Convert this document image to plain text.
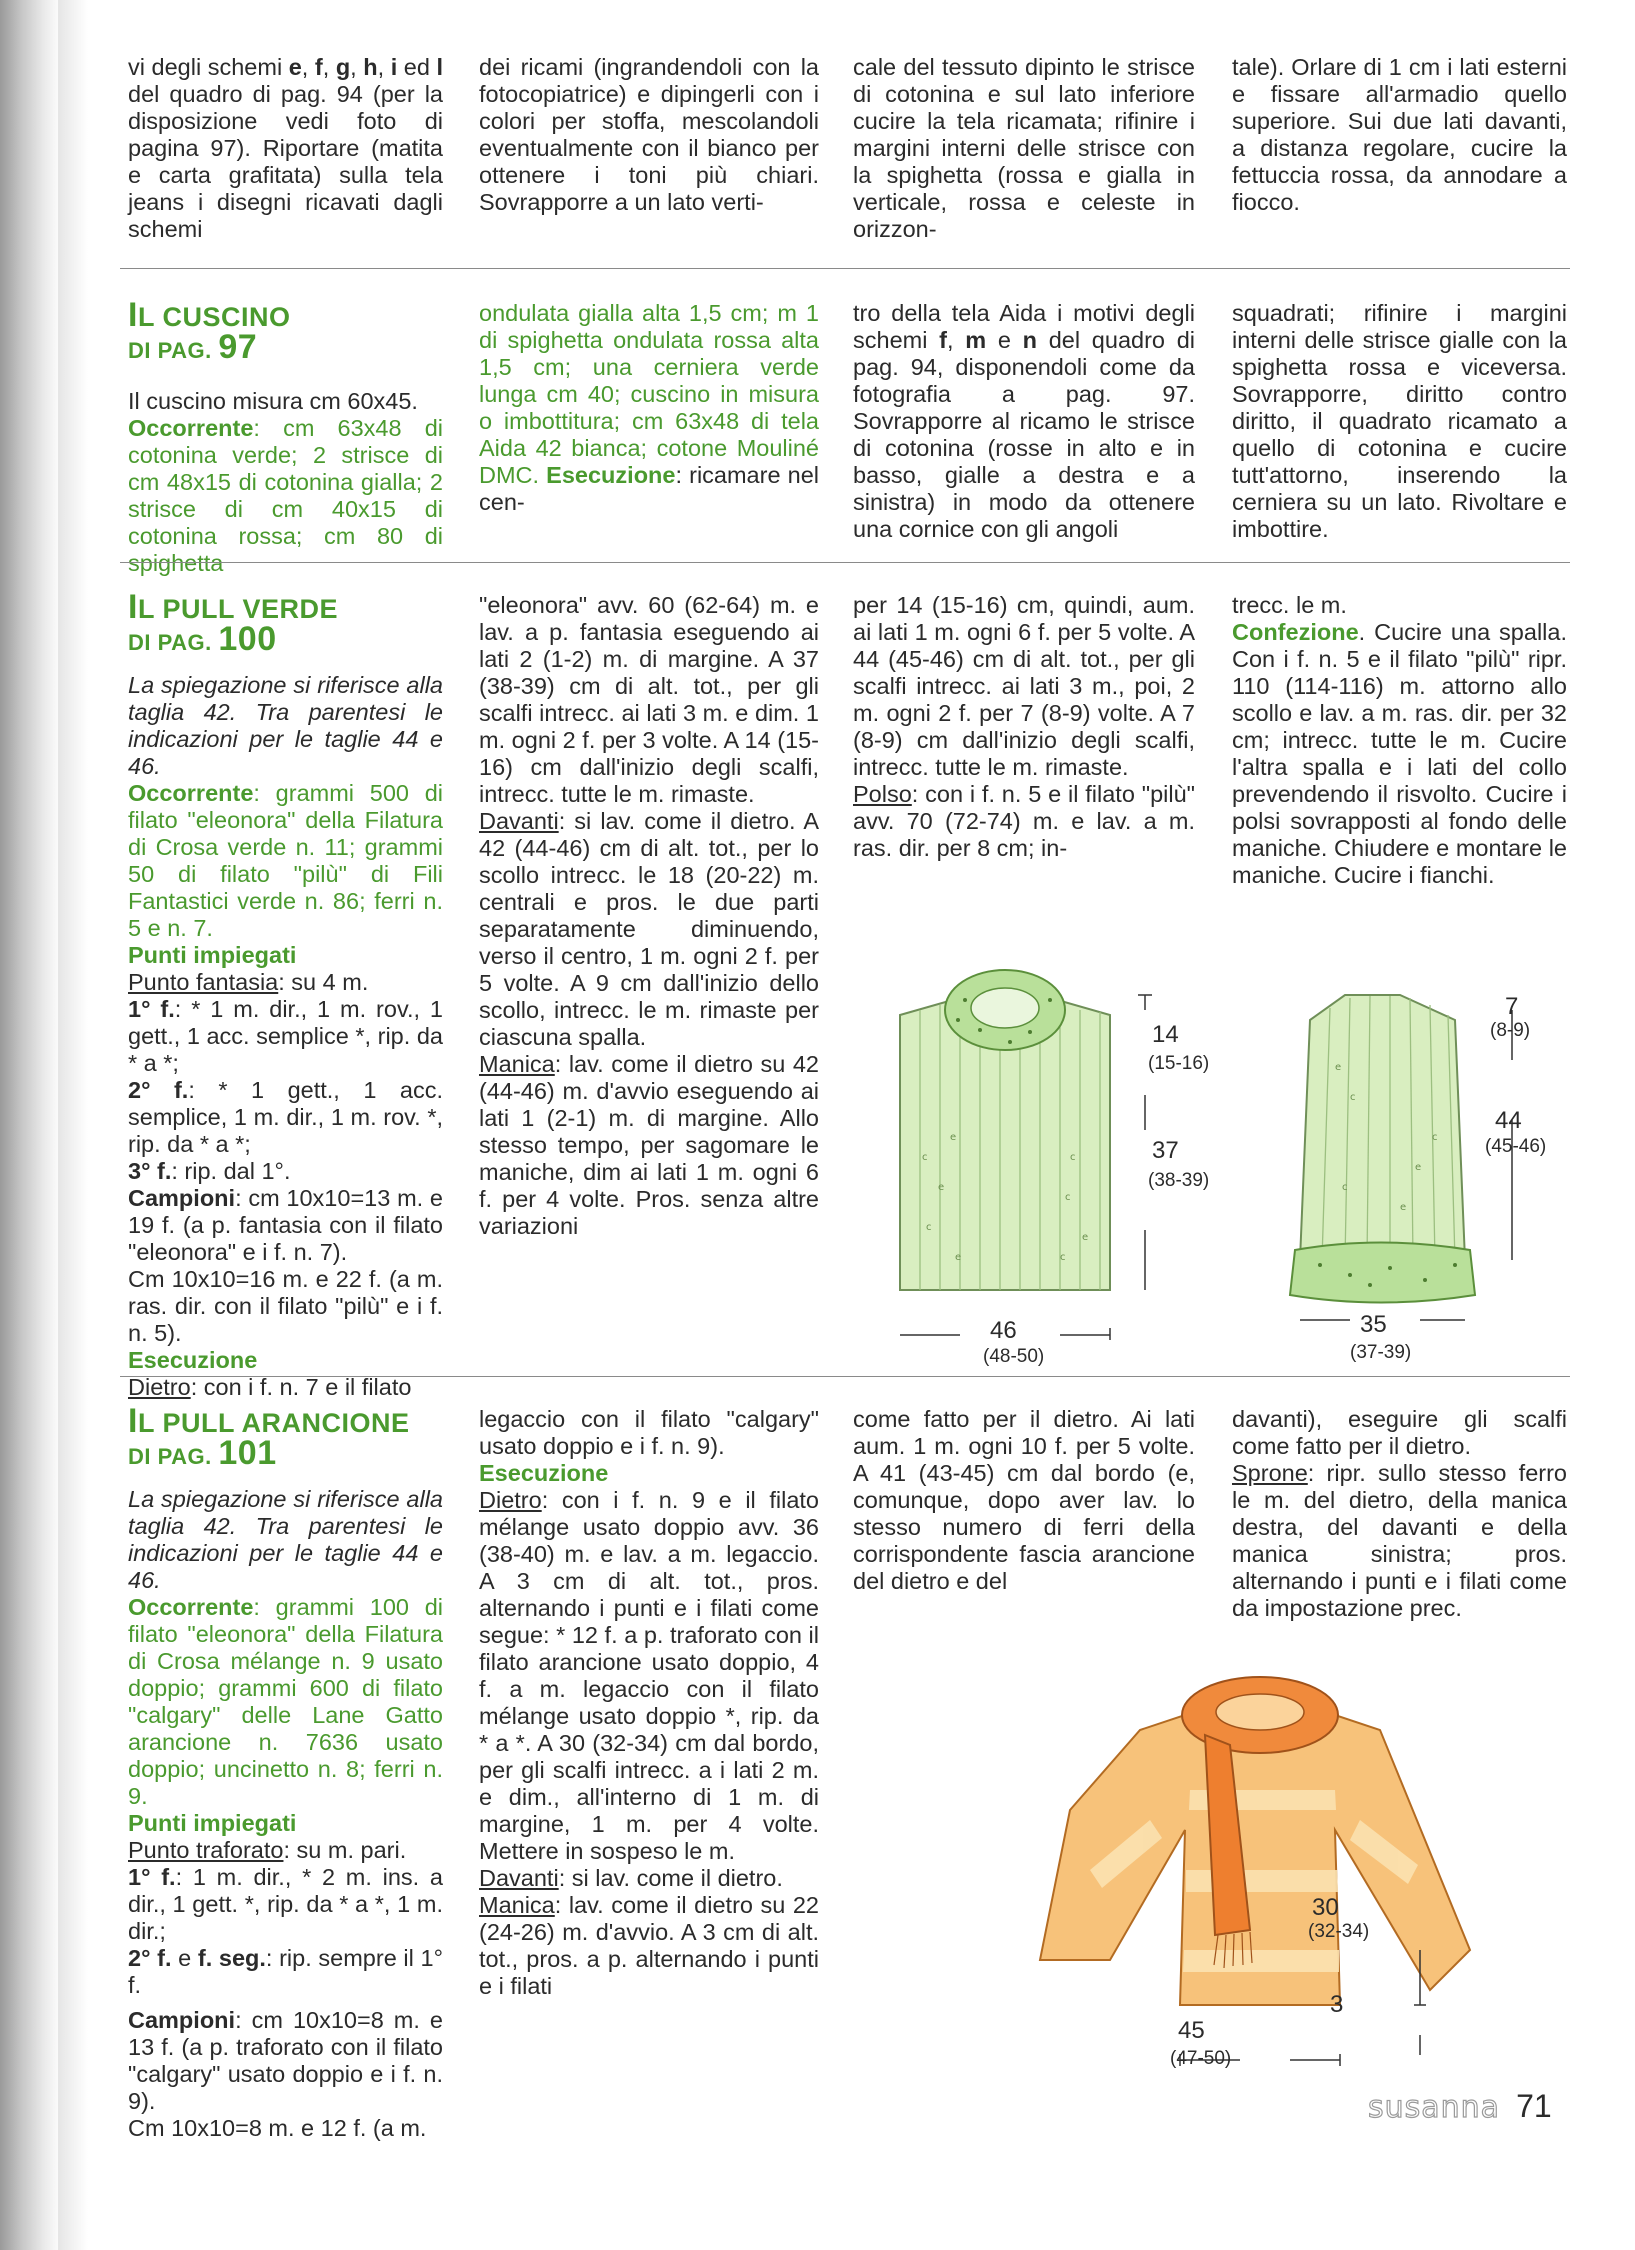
vi degli schemi e, f, g, h, i ed l del quadro di pag. 94 (per la disposizione vedi foto di pagina 97). Riportare (matita e carta grafitata) sulla tela jeans i disegni ricavati dagli schemi

dei ricami (ingrandendoli con la fotocopiatrice) e dipingerli con i colori per stoffa, mescolandoli eventualmente con il bianco per ottenere i toni più chiari. Sovrapporre a un lato verti-

cale del tessuto dipinto le strisce di cotonina e sul lato inferiore cucire la tela ricamata; rifinire i margini interni delle strisce con la spighetta (rossa e gialla in verticale, rossa e celeste in orizzon-

tale). Orlare di 1 cm i lati esterni e fissare all'armadio quello superiore. Sui due lati davanti, a distanza regolare, cucire la fettuccia rossa, da annodare a fiocco.

IL CUSCINO
DI PAG. 97

Il cuscino misura cm 60x45.

Occorrente: cm 63x48 di cotonina verde; 2 strisce di cm 48x15 di cotonina gialla; 2 strisce di cm 40x15 di cotonina rossa; cm 80 di spighetta

ondulata gialla alta 1,5 cm; m 1 di spighetta ondulata rossa alta 1,5 cm; una cerniera verde lunga cm 40; cuscino in misura o imbottitura; cm 63x48 di tela Aida 42 bianca; cotone Mouliné DMC. Esecuzione: ricamare nel cen-

tro della tela Aida i motivi degli schemi f, m e n del quadro di pag. 94, disponendoli come da fotografia a pag. 97. Sovrapporre al ricamo le strisce di cotonina (rosse in alto e in basso, gialle a destra e a sinistra) in modo da ottenere una cornice con gli angoli

squadrati; rifinire i margini interni delle strisce gialle con la spighetta rossa e viceversa. Sovrapporre, diritto contro diritto, il quadrato ricamato a quello di cotonina e cucire tutt'attorno, inserendo la cerniera su un lato. Rivoltare e imbottire.

IL PULL VERDE
DI PAG. 100

La spiegazione si riferisce alla taglia 42. Tra parentesi le indicazioni per le taglie 44 e 46.

Occorrente: grammi 500 di filato "eleonora" della Filatura di Crosa verde n. 11; grammi 50 di filato "pilù" di Fili Fantastici verde n. 86; ferri n. 5 e n. 7.

Punti impiegati

Punto fantasia: su 4 m.

1° f.: * 1 m. dir., 1 m. rov., 1 gett., 1 acc. semplice *, rip. da * a *;

2° f.: * 1 gett., 1 acc. semplice, 1 m. dir., 1 m. rov. *, rip. da * a *;

3° f.: rip. dal 1°.

Campioni: cm 10x10=13 m. e 19 f. (a p. fantasia con il filato "eleonora" e i f. n. 7).

Cm 10x10=16 m. e 22 f. (a m. ras. dir. con il filato "pilù" e i f. n. 5).

Esecuzione

Dietro: con i f. n. 7 e il filato

"eleonora" avv. 60 (62-64) m. e lav. a p. fantasia eseguendo ai lati 2 (1-2) m. di margine. A 37 (38-39) cm di alt. tot., per gli scalfi intrecc. ai lati 3 m. e dim. 1 m. ogni 2 f. per 3 volte. A 14 (15-16) cm dall'inizio degli scalfi, intrecc. tutte le m. rimaste.

Davanti: si lav. come il dietro. A 42 (44-46) cm di alt. tot., per lo scollo intrecc. le 18 (20-22) m. centrali e pros. le due parti separatamente diminuendo, verso il centro, 1 m. ogni 2 f. per 5 volte. A 9 cm dall'inizio dello scollo, intrecc. le m. rimaste per ciascuna spalla.

Manica: lav. come il dietro su 42 (44-46) m. d'avvio eseguendo ai lati 1 (2-1) m. di margine. Allo stesso tempo, per sagomare le maniche, dim ai lati 1 m. ogni 6 f. per 4 volte. Pros. senza altre variazioni

per 14 (15-16) cm, quindi, aum. ai lati 1 m. ogni 6 f. per 5 volte. A 44 (45-46) cm di alt. tot., per gli scalfi intrecc. ai lati 3 m., poi, 2 m. ogni 2 f. per 7 (8-9) volte. A 7 (8-9) cm dall'inizio degli scalfi, intrecc. tutte le m. rimaste.

Polso: con i f. n. 5 e il filato "pilù" avv. 70 (72-74) m. e lav. a m. ras. dir. per 8 cm; in-

trecc. le m.

Confezione. Cucire una spalla. Con i f. n. 5 e il filato "pilù" ripr. 110 (114-116) m. attorno allo scollo e lav. a m. ras. dir. per 32 cm; intrecc. tutte le m. Cucire l'altra spalla e i lati del collo prevendendo il risvolto. Cucire i polsi sovrapposti al fondo delle maniche. Chiudere e montare le maniche. Cucire i fianchi.

c
e
c
e
c
e
c
e
c
14
(15-16)
37
(38-39)
46
(48-50)
e
c
e
c
e
c
7
(8-9)
44
(45-46)
35
(37-39)
IL PULL ARANCIONE
DI PAG. 101

La spiegazione si riferisce alla taglia 42. Tra parentesi le indicazioni per le taglie 44 e 46.

Occorrente: grammi 100 di filato "eleonora" della Filatura di Crosa mélange n. 9 usato doppio; grammi 600 di filato "calgary" delle Lane Gatto arancione n. 7636 usato doppio; uncinetto n. 8; ferri n. 9.

Punti impiegati

Punto traforato: su m. pari.

1° f.: 1 m. dir., * 2 m. ins. a dir., 1 gett. *, rip. da * a *, 1 m. dir.;

2° f. e f. seg.: rip. sempre il 1° f.

Campioni: cm 10x10=8 m. e 13 f. (a p. traforato con il filato "calgary" usato doppio e i f. n. 9).

Cm 10x10=8 m. e 12 f. (a m.

legaccio con il filato "calgary" usato doppio e i f. n. 9).

Esecuzione

Dietro: con i f. n. 9 e il filato mélange usato doppio avv. 36 (38-40) m. e lav. a m. legaccio. A 3 cm di alt. tot., pros. alternando i punti e i filati come segue: * 12 f. a p. traforato con il filato arancione usato doppio, 4 f. a m. legaccio con il filato mélange usato doppio *, rip. da * a *. A 30 (32-34) cm dal bordo, per gli scalfi intrecc. a i lati 2 m. e dim., all'interno di 1 m. di margine, 1 m. per 4 volte. Mettere in sospeso le m.

Davanti: si lav. come il dietro.

Manica: lav. come il dietro su 22 (24-26) m. d'avvio. A 3 cm di alt. tot., pros. a p. alternando i punti e i filati

come fatto per il dietro. Ai lati aum. 1 m. ogni 10 f. per 5 volte. A 41 (43-45) cm dal bordo (e, comunque, dopo aver lav. lo stesso numero di ferri della corrispondente fascia arancione del dietro e del

davanti), eseguire gli scalfi come fatto per il dietro.

Sprone: ripr. sullo stesso ferro le m. del dietro, della manica destra, del davanti e della manica sinistra; pros. alternando i punti e i filati come da impostazione prec.

30
(32-34)
3
45
(47-50)
susanna 71
